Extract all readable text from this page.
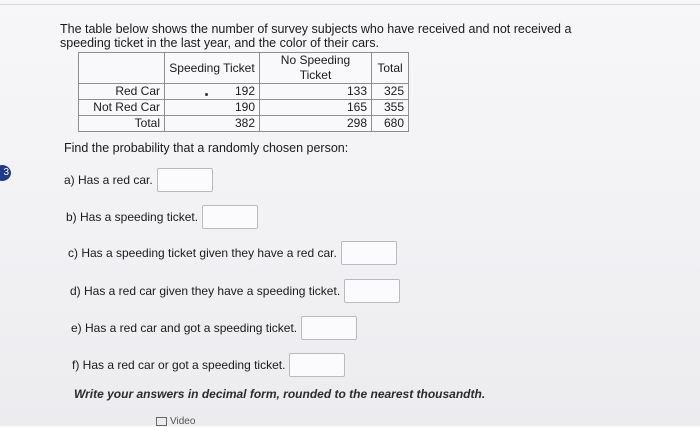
3
The table below shows the number of survey subjects who have received and not received a speeding ticket in the last year, and the color of their cars.
	Speeding Ticket	No Speeding Ticket	Total
Red Car	192	133	325
Not Red Car	190	165	355
Total	382	298	680
Find the probability that a randomly chosen person:
a) Has a red car.
b) Has a speeding ticket.
c) Has a speeding ticket given they have a red car.
d) Has a red car given they have a speeding ticket.
e) Has a red car and got a speeding ticket.
f) Has a red car or got a speeding ticket.
Write your answers in decimal form, rounded to the nearest thousandth.
Video
